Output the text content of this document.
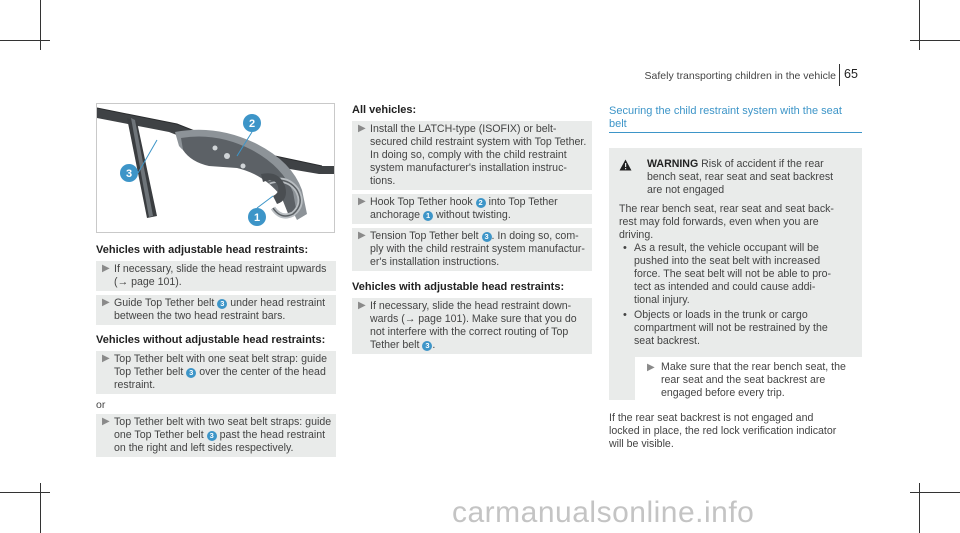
Safely transporting children in the vehicle 65
2
3
1
Vehicles with adjustable head restraints:
▶ If necessary, slide the head restraint upwards
(→ page 101).
▶ Guide Top Tether belt 3 under head restraint
between the two head restraint bars.
Vehicles without adjustable head restraints:
▶ Top Tether belt with one seat belt strap: guide
Top Tether belt 3 over the center of the head
restraint.
or
▶ Top Tether belt with two seat belt straps: guide
one Top Tether belt 3 past the head restraint
on the right and left sides respectively.
All vehicles:
▶ Install the LATCH-type (ISOFIX) or belt-
secured child restraint system with Top Tether.
In doing so, comply with the child restraint
system manufacturer's installation instruc-
tions.
▶ Hook Top Tether hook 2 into Top Tether
anchorage 1 without twisting.
▶ Tension Top Tether belt 3 . In doing so, com-
ply with the child restraint system manufactur-
er's installation instructions.
Vehicles with adjustable head restraints:
▶ If necessary, slide the head restraint down-
wards (→ page 101). Make sure that you do
not interfere with the correct routing of Top
Tether belt 3 .
Securing the child restraint system with the seat
belt
WARNING Risk of accident if the rear
bench seat, rear seat and seat backrest
are not engaged
The rear bench seat, rear seat and seat back-
rest may fold forwards, even when you are
driving.
• As a result, the vehicle occupant will be
pushed into the seat belt with increased
force. The seat belt will not be able to pro-
tect as intended and could cause addi-
tional injury.
• Objects or loads in the trunk or cargo
compartment will not be restrained by the
seat backrest.
▶ Make sure that the rear bench seat, the
rear seat and the seat backrest are
engaged before every trip.
If the rear seat backrest is not engaged and
locked in place, the red lock verification indicator
will be visible.
carmanualsonline.info
